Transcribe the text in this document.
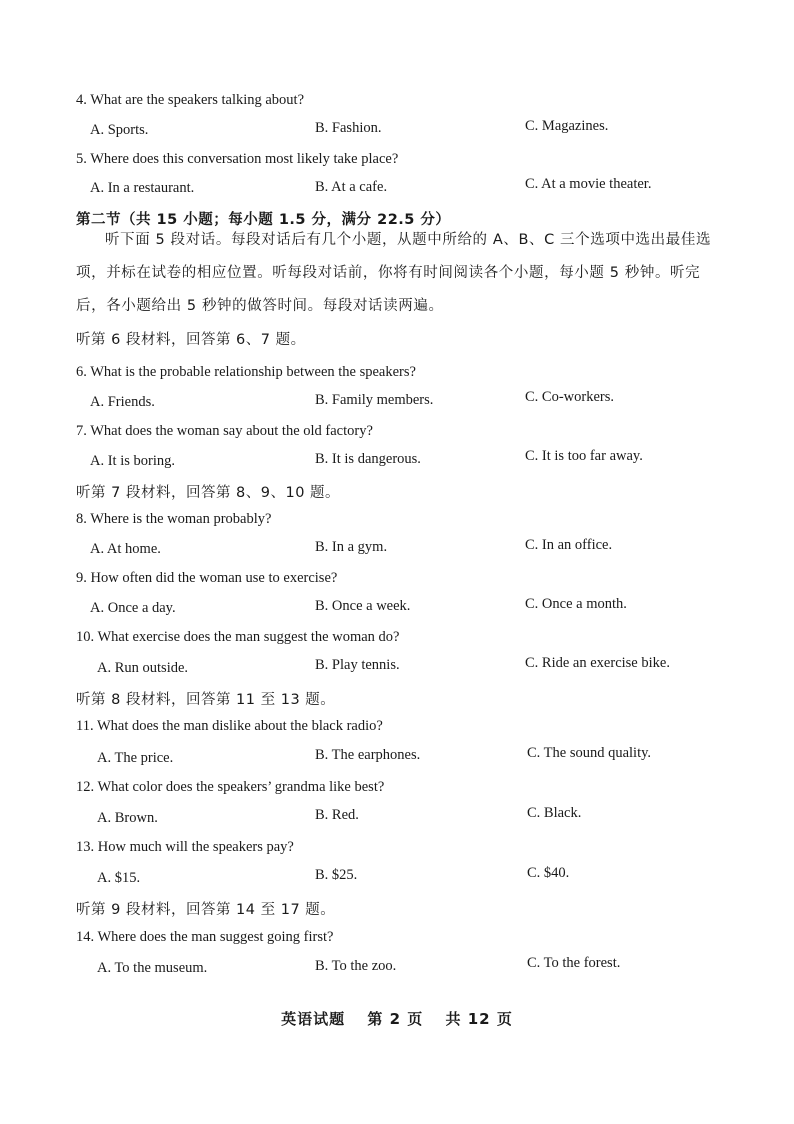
4. What are the speakers talking about?
A. Sports.	B. Fashion.	C. Magazines.
5. Where does this conversation most likely take place?
A. In a restaurant.	B. At a cafe.	C. At a movie theater.
第二节（共 15 小题；每小题 1.5 分，满分 22.5 分）
听下面 5 段对话。每段对话后有几个小题，从题中所给的 A、B、C 三个选项中选出最佳选项，并标在试卷的相应位置。听每段对话前，你将有时间阅读各个小题，每小题 5 秒钟。听完后，各小题给出 5 秒钟的做答时间。每段对话读两遍。
听第 6 段材料，回答第 6、7 题。
6. What is the probable relationship between the speakers?
A. Friends.	B. Family members.	C. Co-workers.
7. What does the woman say about the old factory?
A. It is boring.	B. It is dangerous.	C. It is too far away.
听第 7 段材料，回答第 8、9、10 题。
8. Where is the woman probably?
A. At home.	B. In a gym.	C. In an office.
9. How often did the woman use to exercise?
A. Once a day.	B. Once a week.	C. Once a month.
10. What exercise does the man suggest the woman do?
A. Run outside.	B. Play tennis.	C. Ride an exercise bike.
听第 8 段材料，回答第 11 至 13 题。
11. What does the man dislike about the black radio?
A. The price.	B. The earphones.	C. The sound quality.
12. What color does the speakers’ grandma like best?
A. Brown.	B. Red.	C. Black.
13. How much will the speakers pay?
A. $15.	B. $25.	C. $40.
听第 9 段材料，回答第 14 至 17 题。
14. Where does the man suggest going first?
A. To the museum.	B. To the zoo.	C. To the forest.
英语试题 第 2 页 共 12 页
